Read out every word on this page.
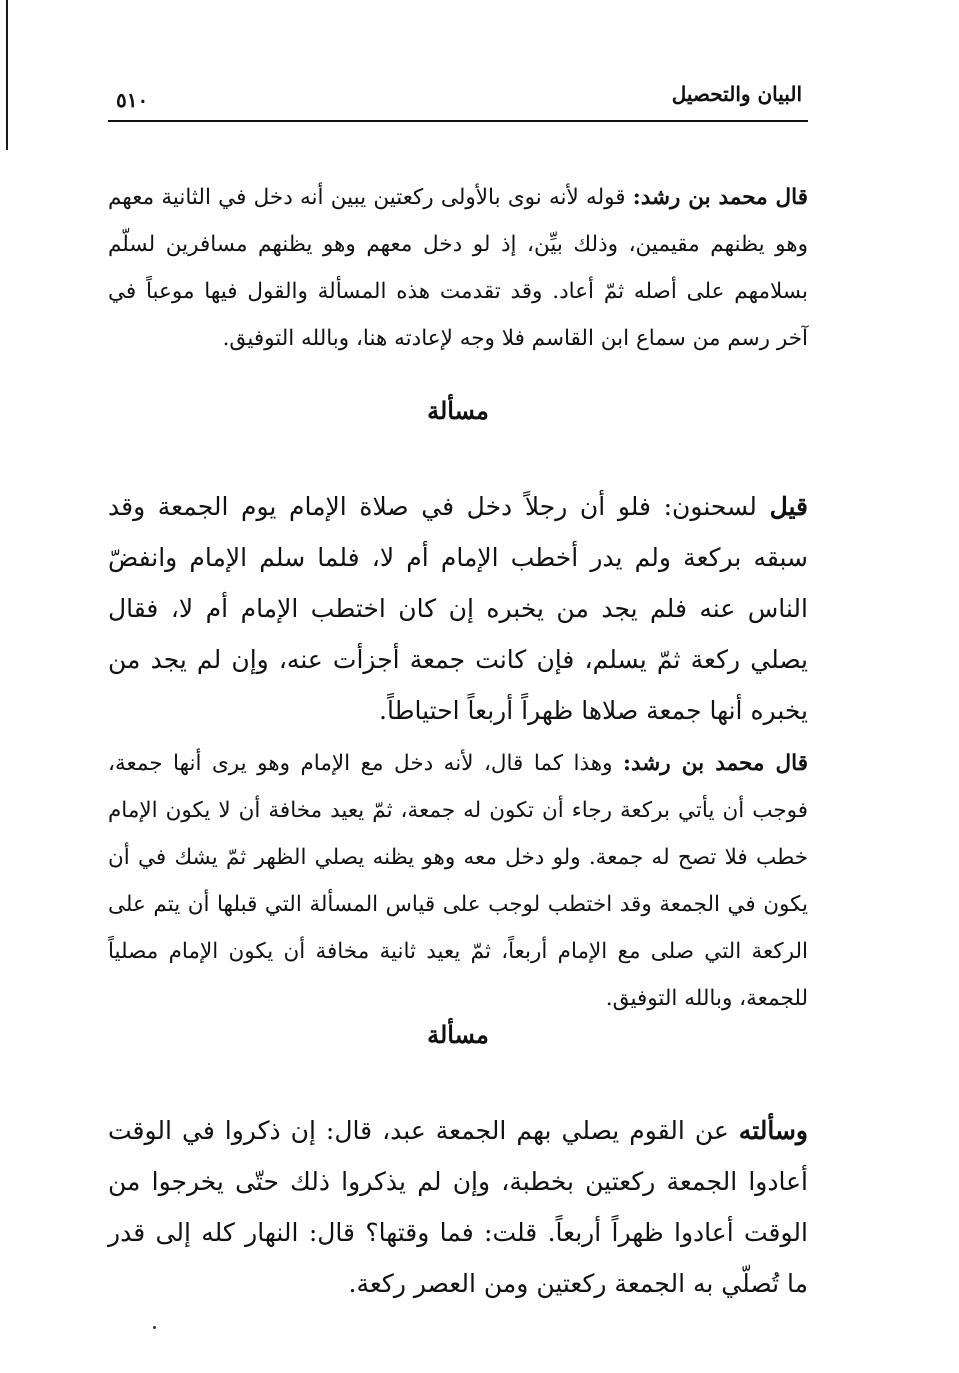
البيان والتحصيل
٥١٠

قال محمد بن رشد: قوله لأنه نوى بالأولى ركعتين يبين أنه دخل في الثانية معهم وهو يظنهم مقيمين، وذلك بيِّن، إذ لو دخل معهم وهو يظنهم مسافرين لسلّم بسلامهم على أصله ثمّ أعاد. وقد تقدمت هذه المسألة والقول فيها موعباً في آخر رسم من سماع ابن القاسم فلا وجه لإعادته هنا، وبالله التوفيق.

مسألة

قيل لسحنون: فلو أن رجلاً دخل في صلاة الإمام يوم الجمعة وقد سبقه بركعة ولم يدر أخطب الإمام أم لا، فلما سلم الإمام وانفضّ الناس عنه فلم يجد من يخبره إن كان اختطب الإمام أم لا، فقال يصلي ركعة ثمّ يسلم، فإن كانت جمعة أجزأت عنه، وإن لم يجد من يخبره أنها جمعة صلاها ظهراً أربعاً احتياطاً.

قال محمد بن رشد: وهذا كما قال، لأنه دخل مع الإمام وهو يرى أنها جمعة، فوجب أن يأتي بركعة رجاء أن تكون له جمعة، ثمّ يعيد مخافة أن لا يكون الإمام خطب فلا تصح له جمعة. ولو دخل معه وهو يظنه يصلي الظهر ثمّ يشك في أن يكون في الجمعة وقد اختطب لوجب على قياس المسألة التي قبلها أن يتم على الركعة التي صلى مع الإمام أربعاً، ثمّ يعيد ثانية مخافة أن يكون الإمام مصلياً للجمعة، وبالله التوفيق.

مسألة

وسألته عن القوم يصلي بهم الجمعة عبد، قال: إن ذكروا في الوقت أعادوا الجمعة ركعتين بخطبة، وإن لم يذكروا ذلك حتّى يخرجوا من الوقت أعادوا ظهراً أربعاً. قلت: فما وقتها؟ قال: النهار كله إلى قدر ما تُصلّي به الجمعة ركعتين ومن العصر ركعة.
